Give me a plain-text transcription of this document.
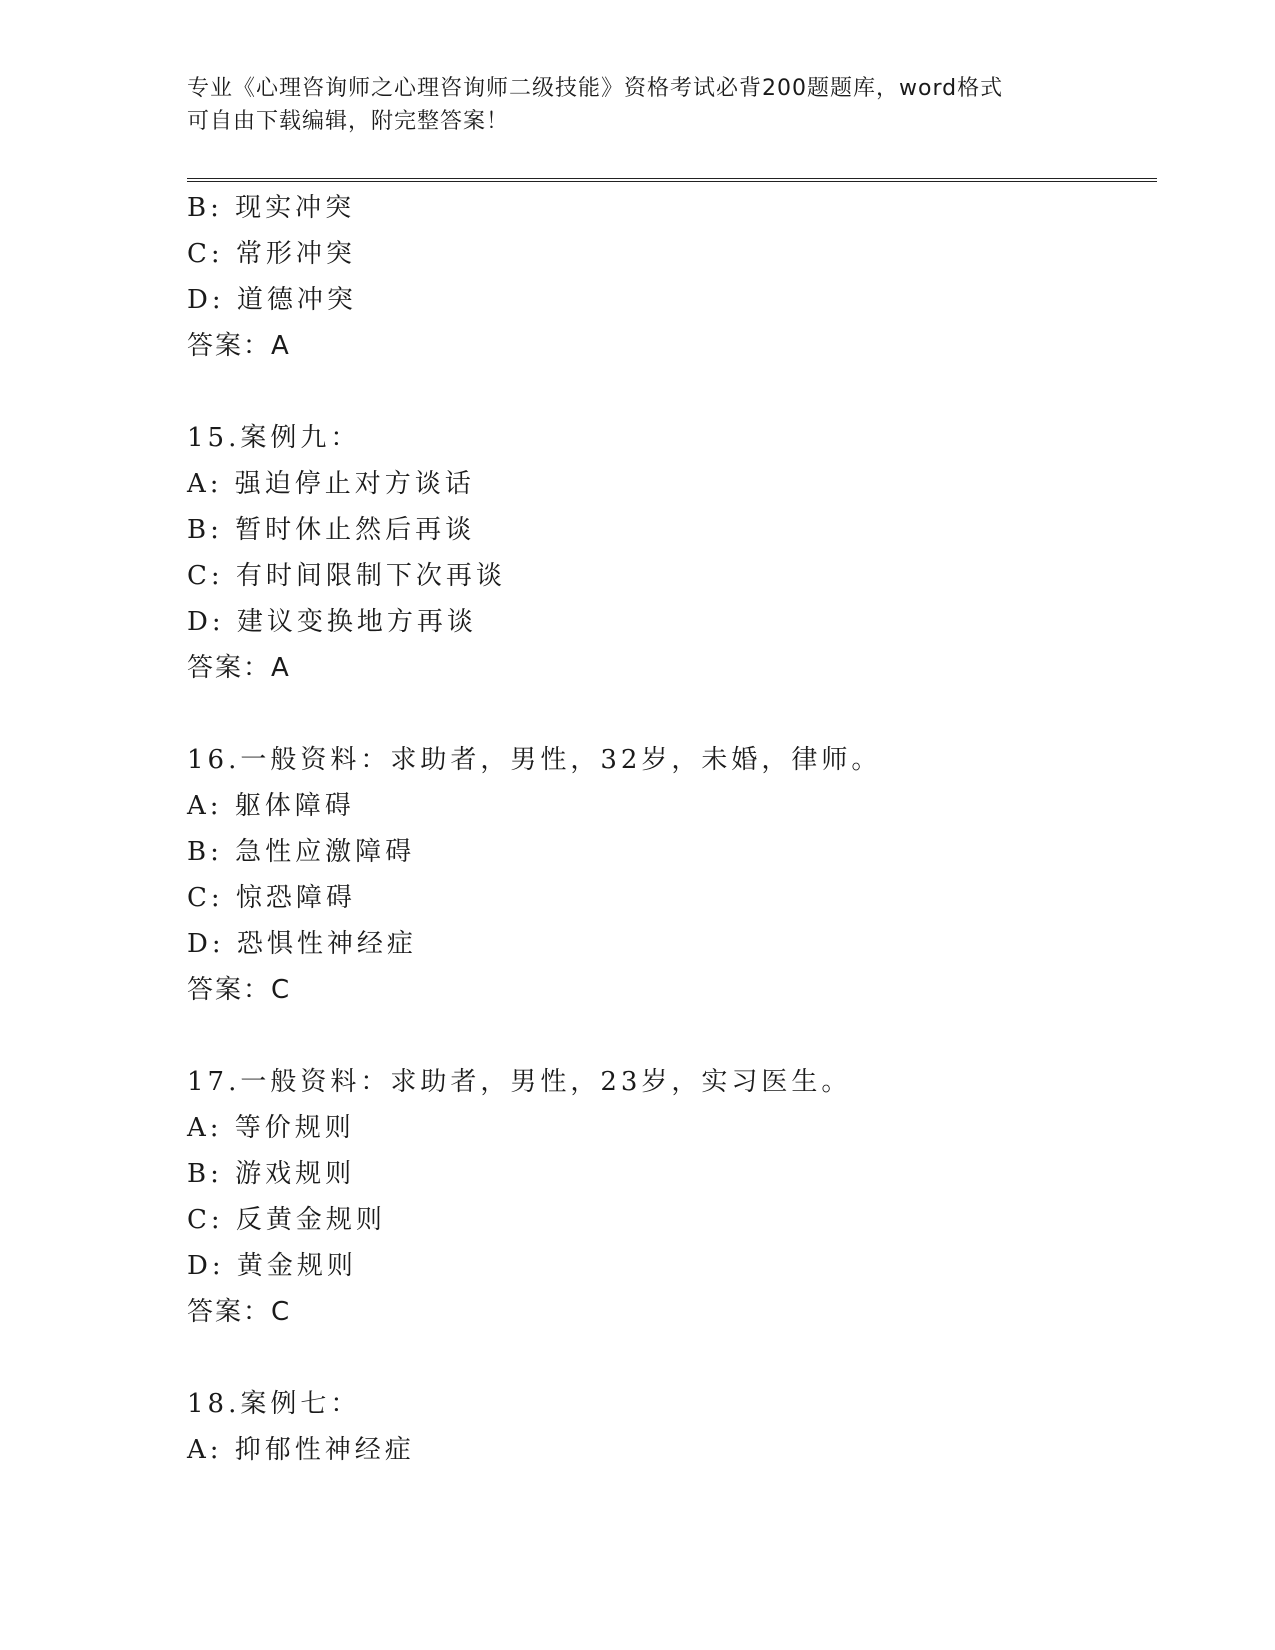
专业《心理咨询师之心理咨询师二级技能》资格考试必背200题题库，word格式
可自由下载编辑，附完整答案！
B: 现实冲突
C: 常形冲突
D: 道德冲突
答案：A
15.案例九：
A: 强迫停止对方谈话
B: 暂时休止然后再谈
C: 有时间限制下次再谈
D: 建议变换地方再谈
答案：A
16.一般资料：求助者，男性，32岁，未婚，律师。
A: 躯体障碍
B: 急性应激障碍
C: 惊恐障碍
D: 恐惧性神经症
答案：C
17.一般资料：求助者，男性，23岁，实习医生。
A: 等价规则
B: 游戏规则
C: 反黄金规则
D: 黄金规则
答案：C
18.案例七：
A: 抑郁性神经症
